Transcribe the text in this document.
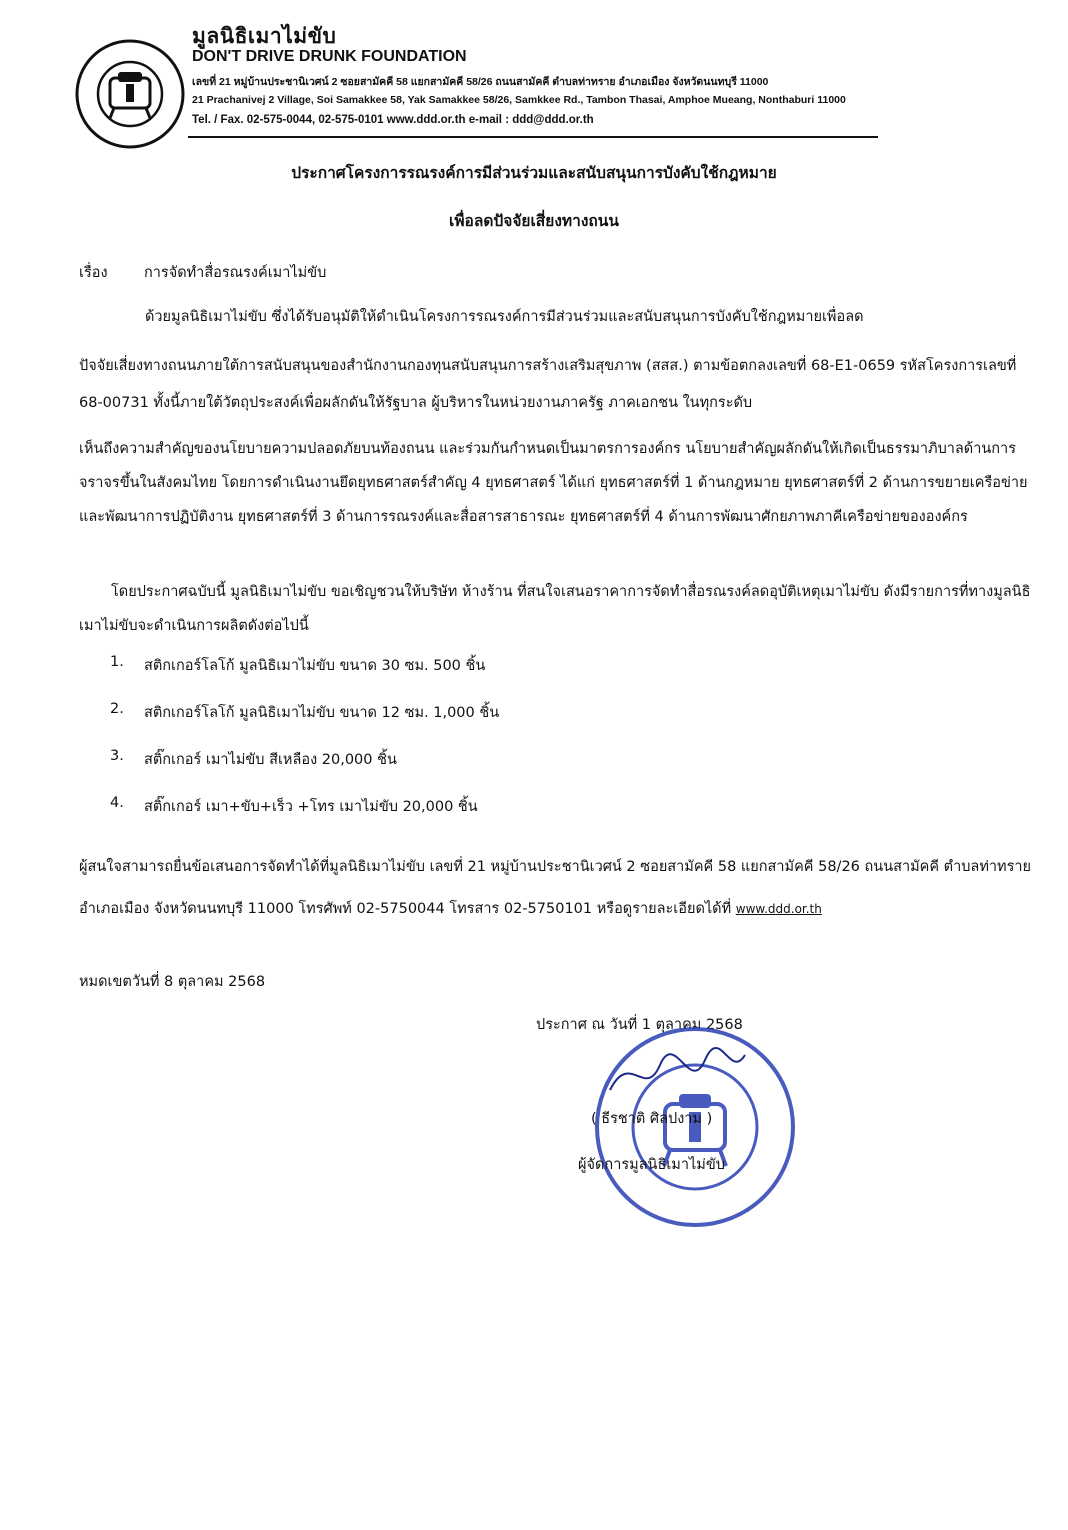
มูลนิธิเมาไม่ขับ
DON'T DRIVE DRUNK FOUNDATION
เลขที่ 21 หมู่บ้านประชานิเวศน์ 2 ซอยสามัคคี 58 แยกสามัคคี 58/26 ถนนสามัคคี ตำบลท่าทราย อำเภอเมือง จังหวัดนนทบุรี 11000
21 Prachanivej 2 Village, Soi Samakkee 58, Yak Samakkee 58/26, Samkkee Rd., Tambon Thasai, Amphoe Mueang, Nonthaburi 11000
Tel. / Fax. 02-575-0044, 02-575-0101 www.ddd.or.th e-mail : ddd@ddd.or.th
ประกาศโครงการรณรงค์การมีส่วนร่วมและสนับสนุนการบังคับใช้กฎหมาย
เพื่อลดปัจจัยเสี่ยงทางถนน
เรื่อง	การจัดทำสื่อรณรงค์เมาไม่ขับ
ด้วยมูลนิธิเมาไม่ขับ ซึ่งได้รับอนุมัติให้ดำเนินโครงการรณรงค์การมีส่วนร่วมและสนับสนุนการบังคับใช้กฎหมายเพื่อลด
ปัจจัยเสี่ยงทางถนนภายใต้การสนับสนุนของสำนักงานกองทุนสนับสนุนการสร้างเสริมสุขภาพ (สสส.) ตามข้อตกลงเลขที่ 68-E1-0659 รหัสโครงการเลขที่ 68-00731 ทั้งนี้ภายใต้วัตถุประสงค์เพื่อผลักดันให้รัฐบาล ผู้บริหารในหน่วยงานภาครัฐ ภาคเอกชน ในทุกระดับ
เห็นถึงความสำคัญของนโยบายความปลอดภัยบนท้องถนน และร่วมกันกำหนดเป็นมาตรการองค์กร นโยบายสำคัญผลักดันให้เกิดเป็นธรรมาภิบาลด้านการจราจรขึ้นในสังคมไทย โดยการดำเนินงานยึดยุทธศาสตร์สำคัญ 4 ยุทธศาสตร์ ได้แก่ ยุทธศาสตร์ที่ 1 ด้านกฎหมาย ยุทธศาสตร์ที่ 2 ด้านการขยายเครือข่ายและพัฒนาการปฏิบัติงาน ยุทธศาสตร์ที่ 3 ด้านการรณรงค์และสื่อสารสาธารณะ ยุทธศาสตร์ที่ 4 ด้านการพัฒนาศักยภาพภาคีเครือข่ายขององค์กร
โดยประกาศฉบับนี้ มูลนิธิเมาไม่ขับ ขอเชิญชวนให้บริษัท ห้างร้าน ที่สนใจเสนอราคาการจัดทำสื่อรณรงค์ลดอุบัติเหตุเมาไม่ขับ ดังมีรายการที่ทางมูลนิธิเมาไม่ขับจะดำเนินการผลิตดังต่อไปนี้
1.	สติกเกอร์โลโก้ มูลนิธิเมาไม่ขับ ขนาด 30 ซม. 500 ชิ้น
2.	สติกเกอร์โลโก้ มูลนิธิเมาไม่ขับ ขนาด 12 ซม. 1,000 ชิ้น
3.	สติ๊กเกอร์ เมาไม่ขับ สีเหลือง 20,000 ชิ้น
4.	สติ๊กเกอร์ เมา+ขับ+เร็ว +โทร เมาไม่ขับ 20,000 ชิ้น
ผู้สนใจสามารถยื่นข้อเสนอการจัดทำได้ที่มูลนิธิเมาไม่ขับ เลขที่ 21 หมู่บ้านประชานิเวศน์ 2 ซอยสามัคคี 58 แยกสามัคคี 58/26 ถนนสามัคคี ตำบลท่าทราย อำเภอเมือง จังหวัดนนทบุรี 11000 โทรศัพท์ 02-5750044 โทรสาร 02-5750101 หรือดูรายละเอียดได้ที่ www.ddd.or.th
หมดเขตวันที่ 8 ตุลาคม 2568
ประกาศ ณ วันที่ 1 ตุลาคม 2568
( ธีรชาติ ศิลปงาม )
ผู้จัดการมูลนิธิเมาไม่ขับ
